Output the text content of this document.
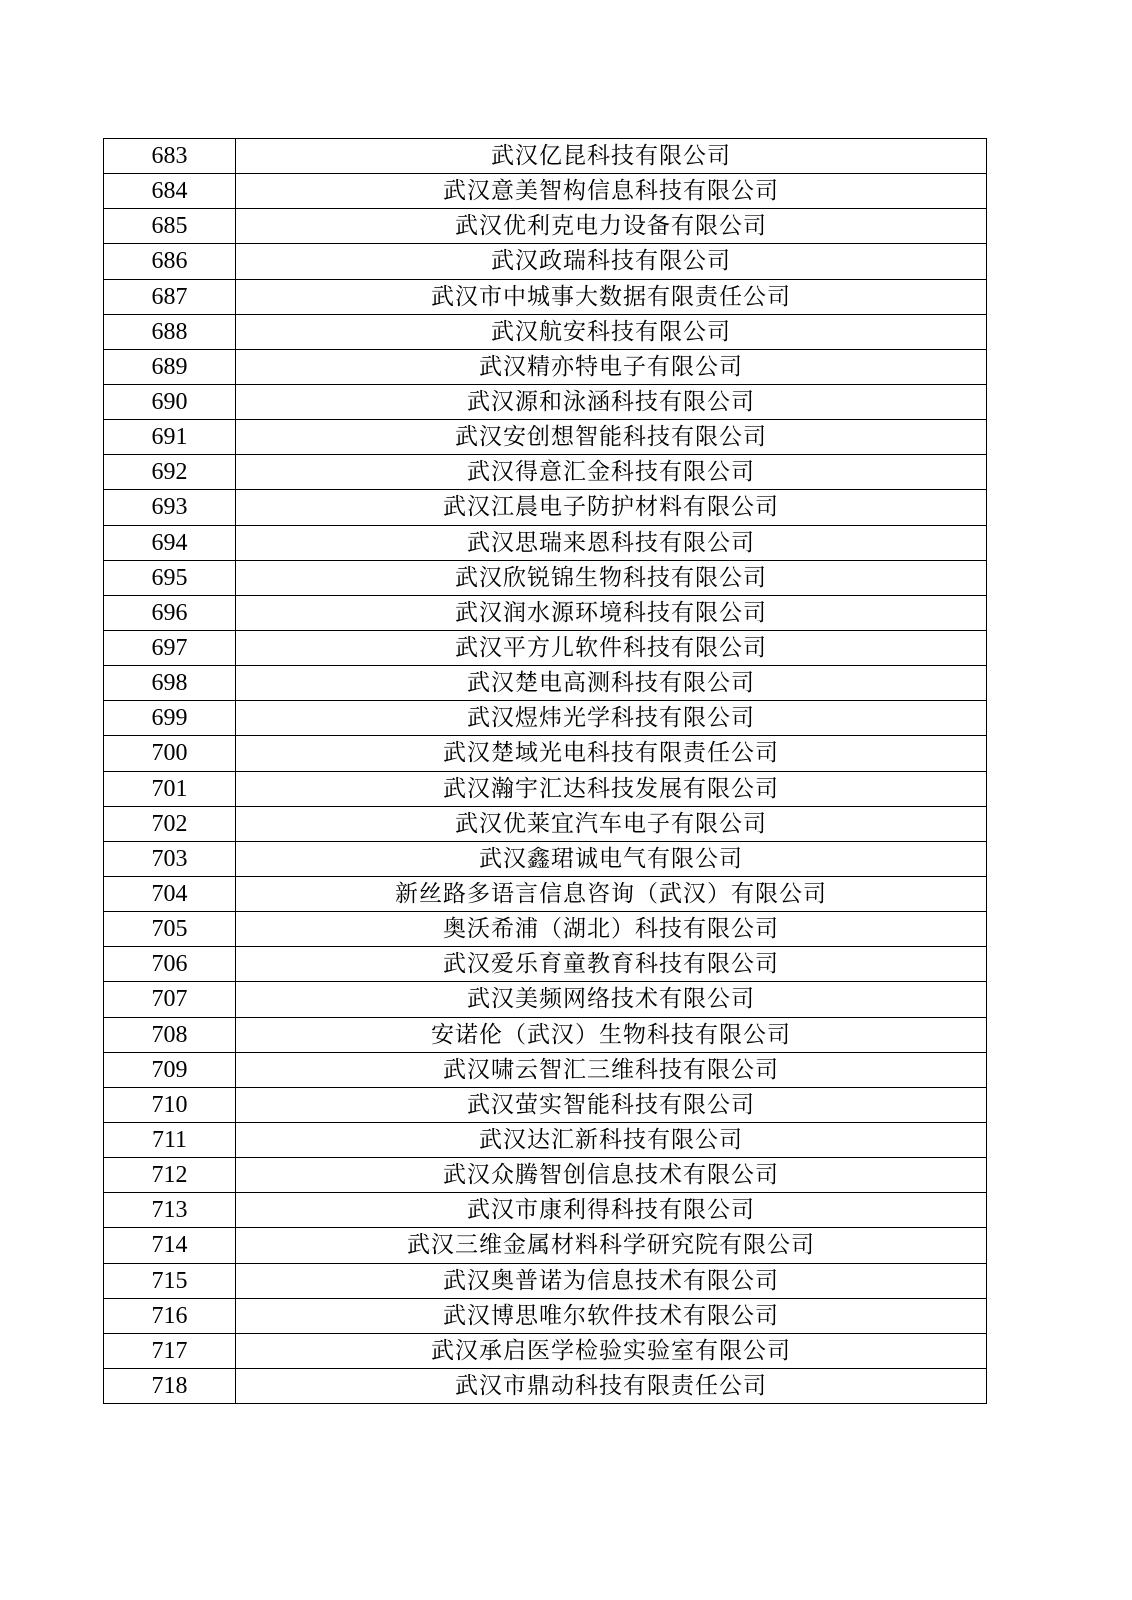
683	武汉亿昆科技有限公司
684	武汉意美智构信息科技有限公司
685	武汉优利克电力设备有限公司
686	武汉政瑞科技有限公司
687	武汉市中城事大数据有限责任公司
688	武汉航安科技有限公司
689	武汉精亦特电子有限公司
690	武汉源和泳涵科技有限公司
691	武汉安创想智能科技有限公司
692	武汉得意汇金科技有限公司
693	武汉江晨电子防护材料有限公司
694	武汉思瑞来恩科技有限公司
695	武汉欣锐锦生物科技有限公司
696	武汉润水源环境科技有限公司
697	武汉平方儿软件科技有限公司
698	武汉楚电高测科技有限公司
699	武汉煜炜光学科技有限公司
700	武汉楚域光电科技有限责任公司
701	武汉瀚宇汇达科技发展有限公司
702	武汉优莱宜汽车电子有限公司
703	武汉鑫珺诚电气有限公司
704	新丝路多语言信息咨询（武汉）有限公司
705	奥沃希浦（湖北）科技有限公司
706	武汉爱乐育童教育科技有限公司
707	武汉美频网络技术有限公司
708	安诺伦（武汉）生物科技有限公司
709	武汉啸云智汇三维科技有限公司
710	武汉萤实智能科技有限公司
711	武汉达汇新科技有限公司
712	武汉众腾智创信息技术有限公司
713	武汉市康利得科技有限公司
714	武汉三维金属材料科学研究院有限公司
715	武汉奥普诺为信息技术有限公司
716	武汉博思唯尔软件技术有限公司
717	武汉承启医学检验实验室有限公司
718	武汉市鼎动科技有限责任公司
